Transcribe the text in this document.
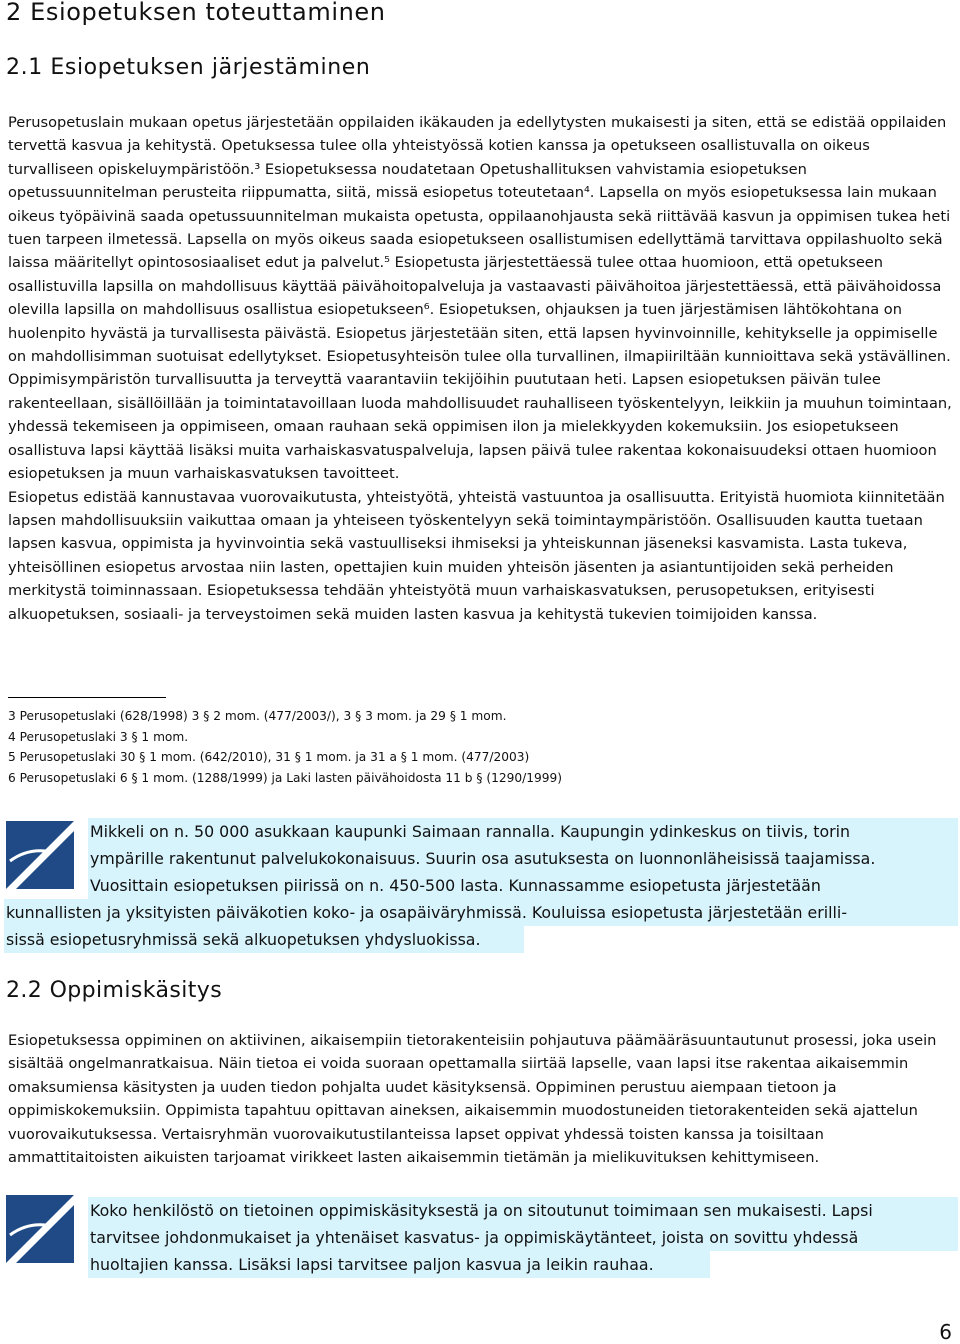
2 Esiopetuksen toteuttaminen
2.1 Esiopetuksen järjestäminen

Perusopetuslain mukaan opetus järjestetään oppilaiden ikäkauden ja edellytysten mukaisesti ja siten, että se edistää oppilaiden tervettä kasvua ja kehitystä. Opetuksessa tulee olla yhteistyössä kotien kanssa ja opetukseen osallistuvalla on oikeus turvalliseen opiskeluympäristöön.³ Esiopetuksessa noudatetaan Opetushallituksen vahvistamia esiopetuksen opetussuunnitelman perusteita riippumatta, siitä, missä esiopetus toteutetaan⁴. Lapsella on myös esiopetuksessa lain mukaan oikeus työpäivinä saada opetussuunnitelman mukaista opetusta, oppilaanohjausta sekä riittävää kasvun ja oppimisen tukea heti tuen tarpeen ilmetessä. Lapsella on myös oikeus saada esiopetukseen osallistumisen edellyttämä tarvittava oppilashuolto sekä laissa määritellyt opintososiaaliset edut ja palvelut.⁵ Esiopetusta järjestettäessä tulee ottaa huomioon, että opetukseen osallistuvilla lapsilla on mahdollisuus käyttää päivähoitopalveluja ja vastaavasti päivähoitoa järjestettäessä, että päivähoidossa olevilla lapsilla on mahdollisuus osallistua esiopetukseen⁶. Esiopetuksen, ohjauksen ja tuen järjestämisen lähtökohtana on huolenpito hyvästä ja turvallisesta päivästä. Esiopetus järjestetään siten, että lapsen hyvinvoinnille, kehitykselle ja oppimiselle on mahdollisimman suotuisat edellytykset. Esiopetusyhteisön tulee olla turvallinen, ilmapiiriltään kunnioittava sekä ystävällinen. Oppimisympäristön turvallisuutta ja terveyttä vaarantaviin tekijöihin puututaan heti. Lapsen esiopetuksen päivän tulee rakenteellaan, sisällöillään ja toimintatavoillaan luoda mahdollisuudet rauhalliseen työskentelyyn, leikkiin ja muuhun toimintaan, yhdessä tekemiseen ja oppimiseen, omaan rauhaan sekä oppimisen ilon ja mielekkyyden kokemuksiin. Jos esiopetukseen osallistuva lapsi käyttää lisäksi muita varhaiskasvatuspalveluja, lapsen päivä tulee rakentaa kokonaisuudeksi ottaen huomioon esiopetuksen ja muun varhaiskasvatuksen tavoitteet.

Esiopetus edistää kannustavaa vuorovaikutusta, yhteistyötä, yhteistä vastuuntoa ja osallisuutta. Erityistä huomiota kiinnitetään lapsen mahdollisuuksiin vaikuttaa omaan ja yhteiseen työskentelyyn sekä toimintaympäristöön. Osallisuuden kautta tuetaan lapsen kasvua, oppimista ja hyvinvointia sekä vastuulliseksi ihmiseksi ja yhteiskunnan jäseneksi kasvamista. Lasta tukeva, yhteisöllinen esiopetus arvostaa niin lasten, opettajien kuin muiden yhteisön jäsenten ja asiantuntijoiden sekä perheiden merkitystä toiminnassaan. Esiopetuksessa tehdään yhteistyötä muun varhaiskasvatuksen, perusopetuksen, erityisesti alkuopetuksen, sosiaali- ja terveystoimen sekä muiden lasten kasvua ja kehitystä tukevien toimijoiden kanssa.

3 Perusopetuslaki (628/1998) 3 § 2 mom. (477/2003/), 3 § 3 mom. ja 29 § 1 mom.
4 Perusopetuslaki 3 § 1 mom.
5 Perusopetuslaki 30 § 1 mom. (642/2010), 31 § 1 mom. ja 31 a § 1 mom. (477/2003)
6 Perusopetuslaki 6 § 1 mom. (1288/1999) ja Laki lasten päivähoidosta 11 b § (1290/1999)
Mikkeli on n. 50 000 asukkaan kaupunki Saimaan rannalla. Kaupungin ydinkeskus on tiivis, torin
ympärille rakentunut palvelukokonaisuus. Suurin osa asutuksesta on luonnonläheisissä taajamissa.
Vuosittain esiopetuksen piirissä on n. 450-500 lasta. Kunnassamme esiopetusta järjestetään
kunnallisten ja yksityisten päiväkotien koko- ja osapäiväryhmissä. Kouluissa esiopetusta järjestetään erilli-
sissä esiopetusryhmissä sekä alkuopetuksen yhdysluokissa.
2.2 Oppimiskäsitys

Esiopetuksessa oppiminen on aktiivinen, aikaisempiin tietorakenteisiin pohjautuva päämääräsuuntautunut prosessi, joka usein sisältää ongelmanratkaisua. Näin tietoa ei voida suoraan opettamalla siirtää lapselle, vaan lapsi itse rakentaa aikaisemmin omaksumiensa käsitysten ja uuden tiedon pohjalta uudet käsityksensä. Oppiminen perustuu aiempaan tietoon ja oppimiskokemuksiin. Oppimista tapahtuu opittavan aineksen, aikaisemmin muodostuneiden tietorakenteiden sekä ajattelun vuorovaikutuksessa. Vertaisryhmän vuorovaikutustilanteissa lapset oppivat yhdessä toisten kanssa ja toisiltaan ammattitaitoisten aikuisten tarjoamat virikkeet lasten aikaisemmin tietämän ja mielikuvituksen kehittymiseen.

Koko henkilöstö on tietoinen oppimiskäsityksestä ja on sitoutunut toimimaan sen mukaisesti. Lapsi
tarvitsee johdonmukaiset ja yhtenäiset kasvatus- ja oppimiskäytänteet, joista on sovittu yhdessä
huoltajien kanssa. Lisäksi lapsi tarvitsee paljon kasvua ja leikin rauhaa.
6
